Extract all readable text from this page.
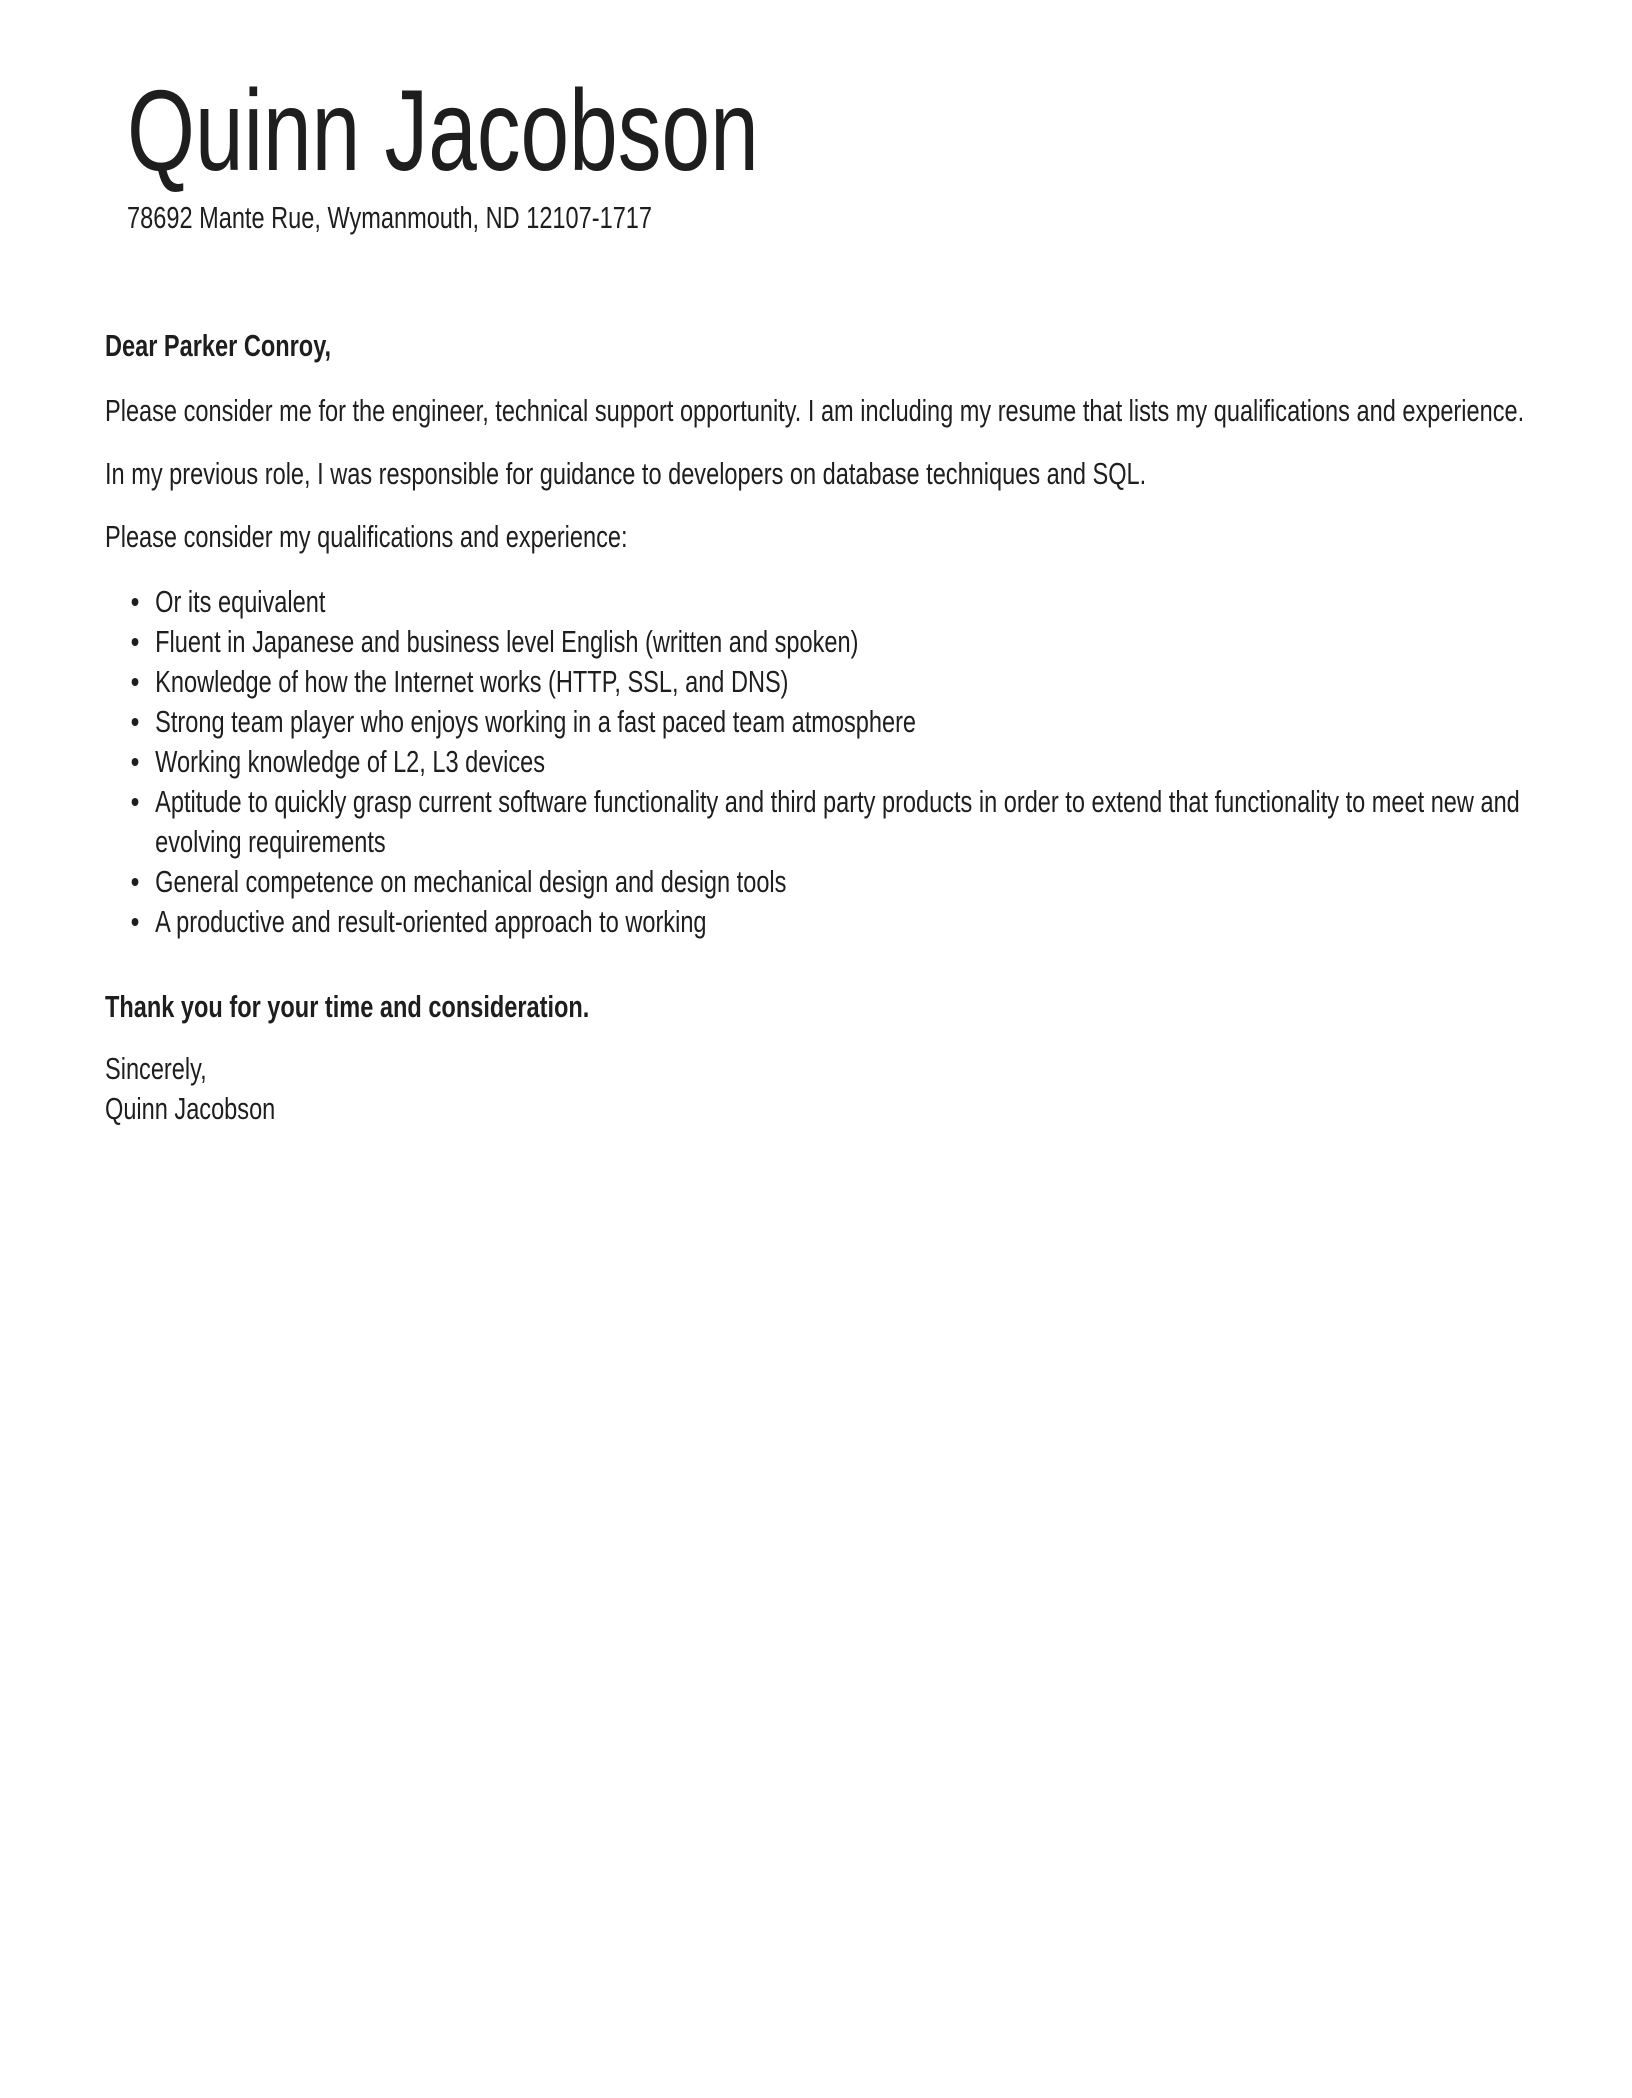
Quinn Jacobson
78692 Mante Rue, Wymanmouth, ND 12107-1717

Dear Parker Conroy,

Please consider me for the engineer, technical support opportunity. I am including my resume that lists my qualifications and experience.

In my previous role, I was responsible for guidance to developers on database techniques and SQL.

Please consider my qualifications and experience:

Or its equivalent
Fluent in Japanese and business level English (written and spoken)
Knowledge of how the Internet works (HTTP, SSL, and DNS)
Strong team player who enjoys working in a fast paced team atmosphere
Working knowledge of L2, L3 devices
Aptitude to quickly grasp current software functionality and third party products in order to extend that functionality to meet new and evolving requirements
General competence on mechanical design and design tools
A productive and result-oriented approach to working

Thank you for your time and consideration.

Sincerely,
Quinn Jacobson
